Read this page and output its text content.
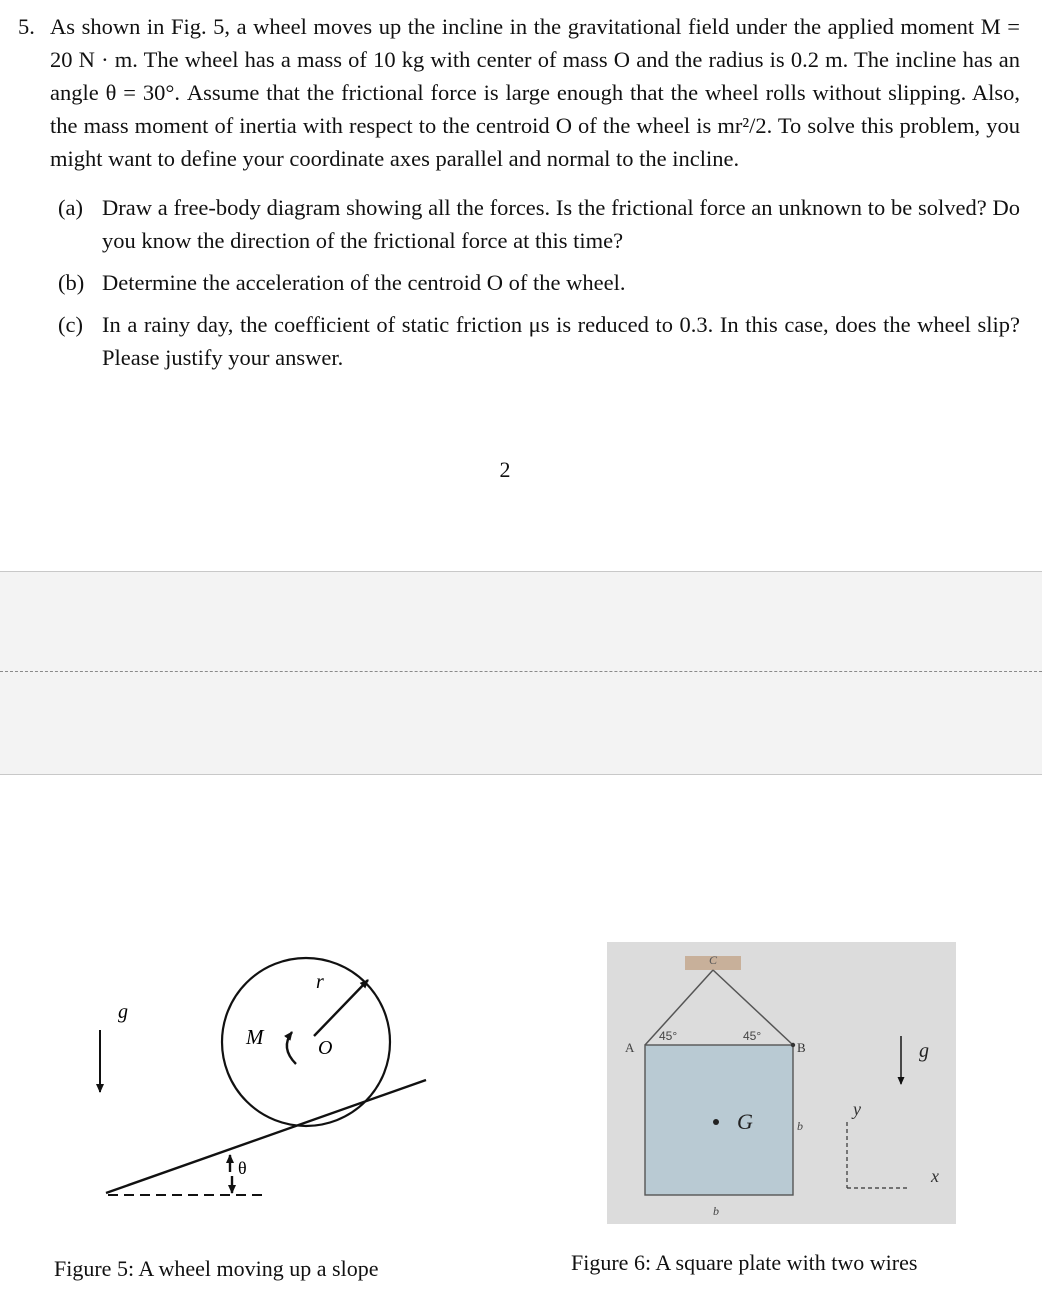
5. As shown in Fig. 5, a wheel moves up the incline in the gravitational field under the applied moment M = 20 N · m. The wheel has a mass of 10 kg with center of mass O and the radius is 0.2 m. The incline has an angle θ = 30°. Assume that the frictional force is large enough that the wheel rolls without slipping. Also, the mass moment of inertia with respect to the centroid O of the wheel is mr²/2. To solve this problem, you might want to define your coordinate axes parallel and normal to the incline.
(a) Draw a free-body diagram showing all the forces. Is the frictional force an unknown to be solved? Do you know the direction of the frictional force at this time?
(b) Determine the acceleration of the centroid O of the wheel.
(c) In a rainy day, the coefficient of static friction μs is reduced to 0.3. In this case, does the wheel slip? Please justify your answer.
2
g
r
M	O
θ
C
45°	45°
A	B
G	b
b
g
y
x
Figure 5: A wheel moving up a slope	Figure 6: A square plate with two wires
